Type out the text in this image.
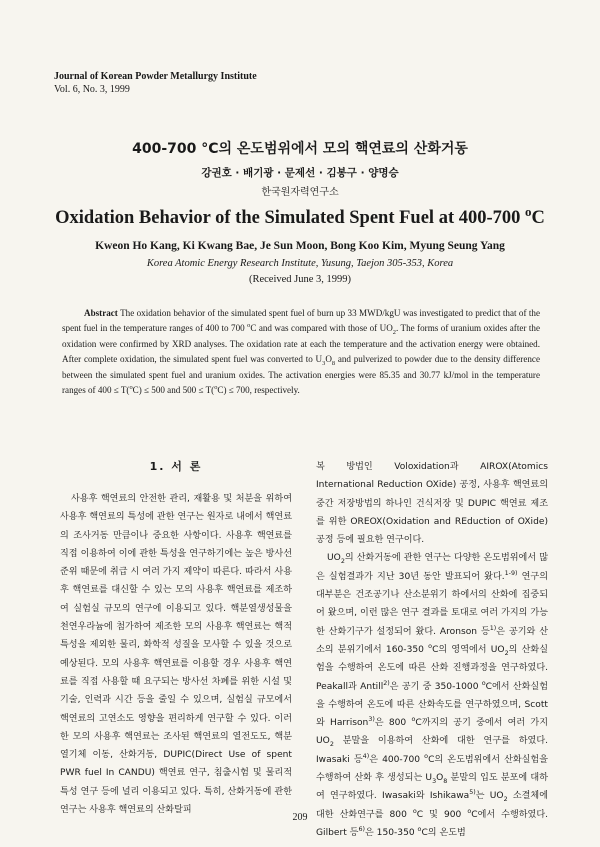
Journal of Korean Powder Metallurgy Institute
Vol. 6, No. 3, 1999
400-700 °C의 온도범위에서 모의 핵연료의 산화거동
강권호 · 배기광 · 문제선 · 김봉구 · 양명승
한국원자력연구소
Oxidation Behavior of the Simulated Spent Fuel at 400-700 $^o$C
Kweon Ho Kang, Ki Kwang Bae, Je Sun Moon, Bong Koo Kim, Myung Seung Yang
Korea Atomic Energy Research Institute, Yusung, Taejon 305-353, Korea
(Received June 3, 1999)

Abstract The oxidation behavior of the simulated spent fuel of burn up 33 MWD/kgU was investigated to predict that of the spent fuel in the temperature ranges of 400 to 700 $^o$C and was compared with those of $UO_2$. The forms of uranium oxides after the oxidation were confirmed by XRD analyses. The oxidation rate at each the temperature and the activation energy were obtained. After complete oxidation, the simulated spent fuel was converted to $U_3O_8$ and pulverized to powder due to the density difference between the simulated spent fuel and uranium oxides. The activation energies were 85.35 and 30.77 kJ/mol in the temperature ranges of 400 ≤ T($^o$C) ≤ 500 and 500 ≤ T($^o$C) ≤ 700, respectively.

1. 서 론

사용후 핵연료의 안전한 관리, 재활용 및 처분을 위하여 사용후 핵연료의 특성에 관한 연구는 원자로 내에서 핵연료의 조사거동 만큼이나 중요한 사항이다. 사용후 핵연료를 직접 이용하여 이에 관한 특성을 연구하기에는 높은 방사선 준위 때문에 취급 시 여러 가지 제약이 따른다. 따라서 사용후 핵연료를 대신할 수 있는 모의 사용후 핵연료를 제조하여 실험실 규모의 연구에 이용되고 있다. 핵분열생성물을 천연우라늄에 첨가하여 제조한 모의 사용후 핵연료는 핵적 특성을 제외한 물리, 화학적 성질을 모사할 수 있을 것으로 예상된다. 모의 사용후 핵연료를 이용할 경우 사용후 핵연료를 직접 사용할 때 요구되는 방사선 차폐를 위한 시설 및 기술, 인력과 시간 등을 줄일 수 있으며, 실험실 규모에서 핵연료의 고연소도 영향을 편리하게 연구할 수 있다. 이러한 모의 사용후 핵연료는 조사된 핵연료의 열전도도, 핵분열기체 이동, 산화거동, DUPIC(Direct Use of spent PWR fuel In CANDU) 핵연료 연구, 침출시험 및 물리적 특성 연구 등에 널리 이용되고 있다. 특히, 산화거동에 관한 연구는 사용후 핵연료의 산화탈피

복 방법인 Voloxidation과 AIROX(Atomics International Reduction OXide) 공정, 사용후 핵연료의 중간 저장방법의 하나인 건식저장 및 DUPIC 핵연료 제조를 위한 OREOX(Oxidation and REduction of OXide)공정 등에 필요한 연구이다.

$UO_2$의 산화거동에 관한 연구는 다양한 온도범위에서 많은 실험결과가 지난 30년 동안 발표되어 왔다.$^{1-9)}$ 연구의 대부분은 건조공기나 산소분위기 하에서의 산화에 집중되어 왔으며, 이런 많은 연구 결과를 토대로 여러 가지의 가능한 산화기구가 설정되어 왔다. Aronson 등$^{1)}$은 공기와 산소의 분위기에서 160-350 $^o$C의 영역에서 $UO_2$의 산화실험을 수행하여 온도에 따른 산화 진행과정을 연구하였다. Peakall과 Antill$^{2)}$은 공기 중 350-1000 $^o$C에서 산화실험을 수행하여 온도에 따른 산화속도를 연구하였으며, Scott와 Harrison$^{3)}$은 800 $^o$C까지의 공기 중에서 여러 가지 $UO_2$ 분말을 이용하여 산화에 대한 연구를 하였다. Iwasaki 등$^{4)}$은 400-700 $^o$C의 온도범위에서 산화실험을 수행하여 산화 후 생성되는 $U_3O_8$ 분말의 입도 분포에 대하여 연구하였다. Iwasaki와 Ishikawa$^{5)}$는 $UO_2$ 소결체에 대한 산화연구를 800 $^o$C 및 900 $^o$C에서 수행하였다. Gilbert 등$^{6)}$은 150-350 $^o$C의 온도범

209
